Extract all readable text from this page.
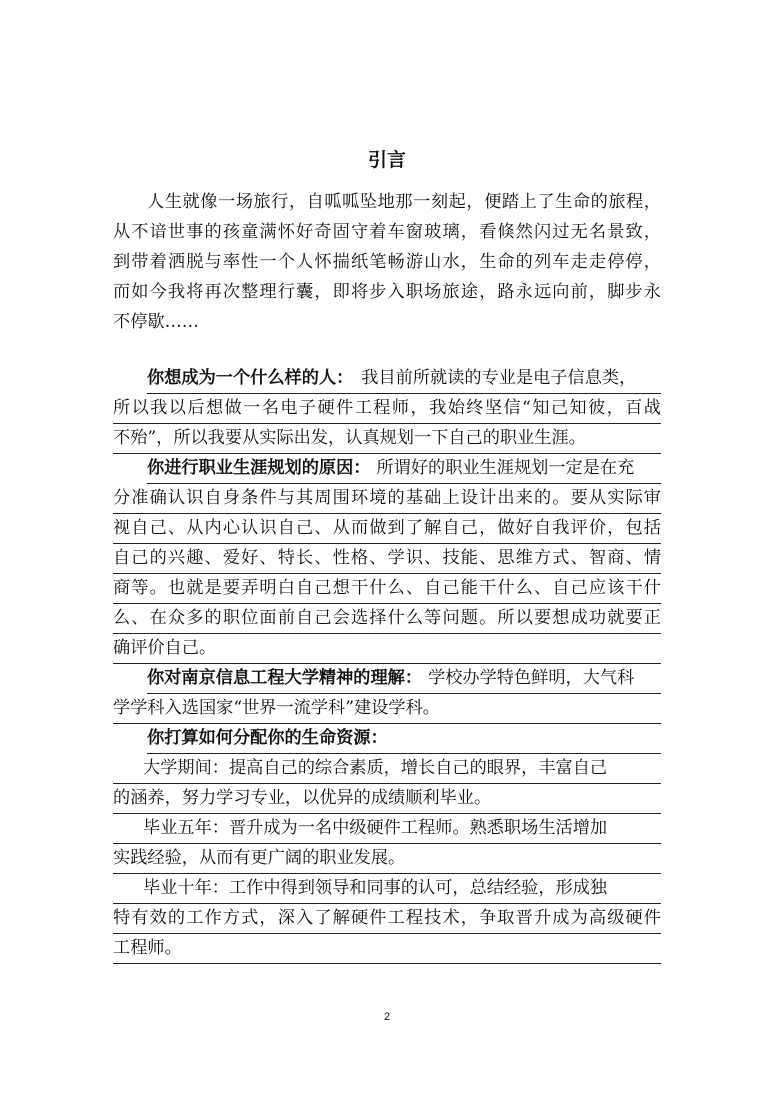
引言
人生就像一场旅行，自呱呱坠地那一刻起，便踏上了生命的旅程，
从不谙世事的孩童满怀好奇固守着车窗玻璃，看倏然闪过无名景致，
到带着洒脱与率性一个人怀揣纸笔畅游山水，生命的列车走走停停，
而如今我将再次整理行囊，即将步入职场旅途，路永远向前，脚步永
不停歇……
你想成为一个什么样的人： 我目前所就读的专业是电子信息类，
所以我以后想做一名电子硬件工程师，我始终坚信“知己知彼，百战
不殆”，所以我要从实际出发，认真规划一下自己的职业生涯。
你进行职业生涯规划的原因： 所谓好的职业生涯规划一定是在充
分准确认识自身条件与其周围环境的基础上设计出来的。要从实际审
视自己、从内心认识自己、从而做到了解自己，做好自我评价，包括
自己的兴趣、爱好、特长、性格、学识、技能、思维方式、智商、情
商等。也就是要弄明白自己想干什么、自己能干什么、自己应该干什
么、在众多的职位面前自己会选择什么等问题。所以要想成功就要正
确评价自己。
你对南京信息工程大学精神的理解： 学校办学特色鲜明，大气科
学学科入选国家“世界一流学科”建设学科。
你打算如何分配你的生命资源：
大学期间：提高自己的综合素质，增长自己的眼界，丰富自己
的涵养，努力学习专业，以优异的成绩顺利毕业。
毕业五年：晋升成为一名中级硬件工程师。熟悉职场生活增加
实践经验，从而有更广阔的职业发展。
毕业十年：工作中得到领导和同事的认可，总结经验，形成独
特有效的工作方式，深入了解硬件工程技术，争取晋升成为高级硬件
工程师。
2
